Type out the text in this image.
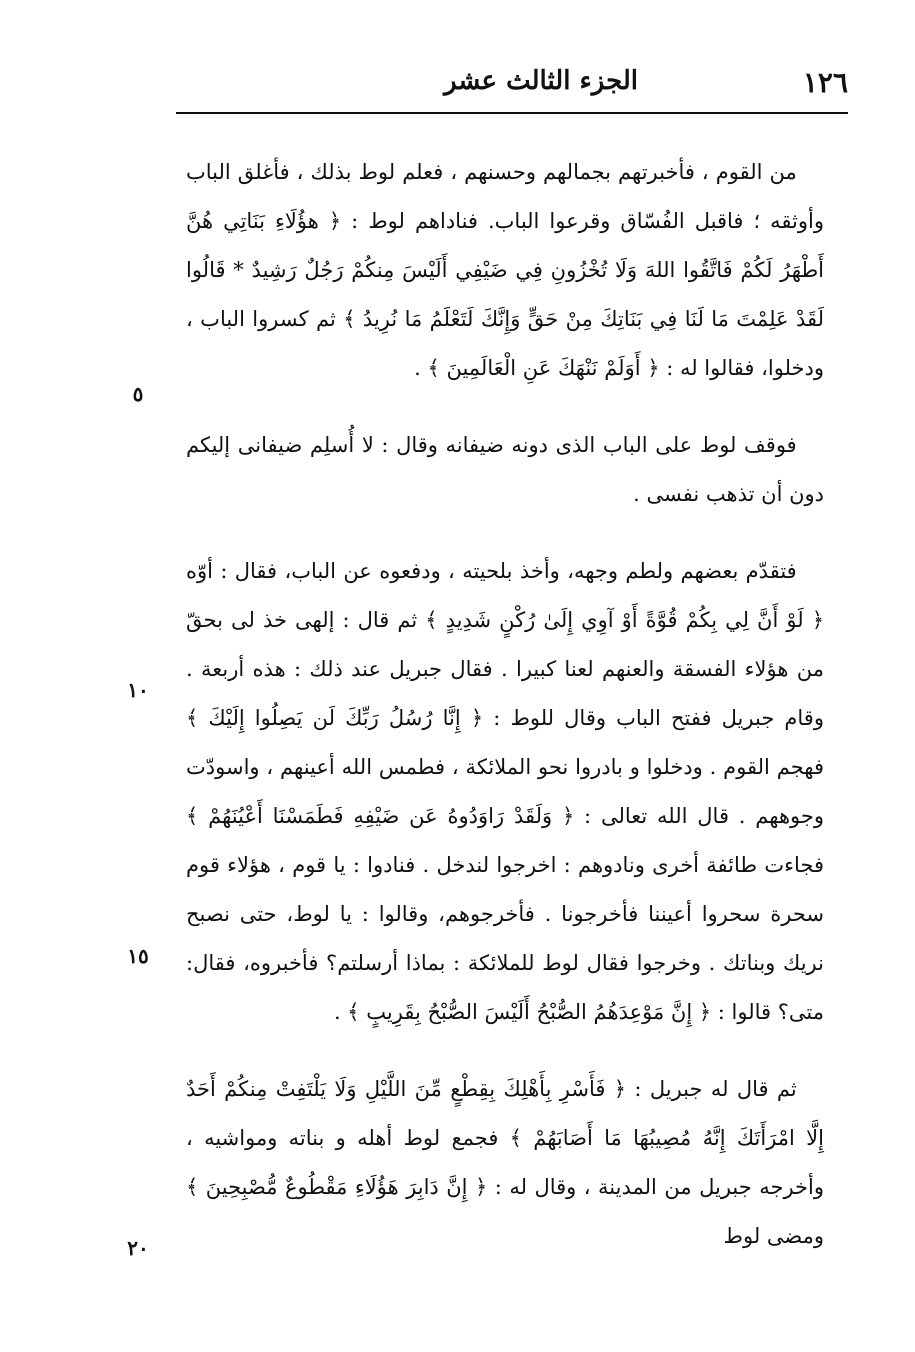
١٢٦
الجزء الثالث عشر

من القوم ، فأخبرتهم بجمالهم وحسنهم ، فعلم لوط بذلك ، فأغلق الباب وأوثقه ؛ فاقبل الفُسّاق وقرعوا الباب. فناداهم لوط : ﴿ هؤُلَاءِ بَنَاتِي هُنَّ أَطْهَرُ لَكُمْ فَاتَّقُوا اللهَ وَلَا تُخْزُونِ فِي ضَيْفِي أَلَيْسَ مِنكُمْ رَجُلٌ رَشِيدٌ * قَالُوا لَقَدْ عَلِمْتَ مَا لَنَا فِي بَنَاتِكَ مِنْ حَقٍّ وَإِنَّكَ لَتَعْلَمُ مَا نُرِيدُ ﴾ ثم كسروا الباب ، ودخلوا، فقالوا له : ﴿ أَوَلَمْ نَنْهَكَ عَنِ الْعَالَمِينَ ﴾ .

فوقف لوط على الباب الذى دونه ضيفانه وقال : لا أُسلِم ضيفانى إليكم دون أن تذهب نفسى .

فتقدّم بعضهم ولطم وجهه، وأخذ بلحيته ، ودفعوه عن الباب، فقال : أوّه ﴿ لَوْ أَنَّ لِي بِكُمْ قُوَّةً أَوْ آوِي إِلَىٰ رُكْنٍ شَدِيدٍ ﴾ ثم قال : إلهى خذ لى بحقّ من هؤلاء الفسقة والعنهم لعنا كبيرا . فقال جبريل عند ذلك : هذه أربعة . وقام جبريل ففتح الباب وقال للوط : ﴿ إِنَّا رُسُلُ رَبِّكَ لَن يَصِلُوا إِلَيْكَ ﴾ فهجم القوم . ودخلوا و بادروا نحو الملائكة ، فطمس الله أعينهم ، واسودّت وجوههم . قال الله تعالى : ﴿ وَلَقَدْ رَاوَدُوهُ عَن ضَيْفِهِ فَطَمَسْنَا أَعْيُنَهُمْ ﴾ فجاءت طائفة أخرى ونادوهم : اخرجوا لندخل . فنادوا : يا قوم ، هؤلاء قوم سحرة سحروا أعيننا فأخرجونا . فأخرجوهم، وقالوا : يا لوط، حتى نصبح نريك وبناتك . وخرجوا فقال لوط للملائكة : بماذا أرسلتم؟ فأخبروه، فقال: متى؟ قالوا : ﴿ إِنَّ مَوْعِدَهُمُ الصُّبْحُ أَلَيْسَ الصُّبْحُ بِقَرِيبٍ ﴾ .

ثم قال له جبريل : ﴿ فَأَسْرِ بِأَهْلِكَ بِقِطْعٍ مِّنَ اللَّيْلِ وَلَا يَلْتَفِتْ مِنكُمْ أَحَدٌ إِلَّا امْرَأَتَكَ إِنَّهُ مُصِيبُهَا مَا أَصَابَهُمْ ﴾ فجمع لوط أهله و بناته ومواشيه ، وأخرجه جبريل من المدينة ، وقال له : ﴿ إِنَّ دَابِرَ هَؤُلَاءِ مَقْطُوعٌ مُّصْبِحِينَ ﴾ ومضى لوط

٥
١٠
١٥
٢٠
